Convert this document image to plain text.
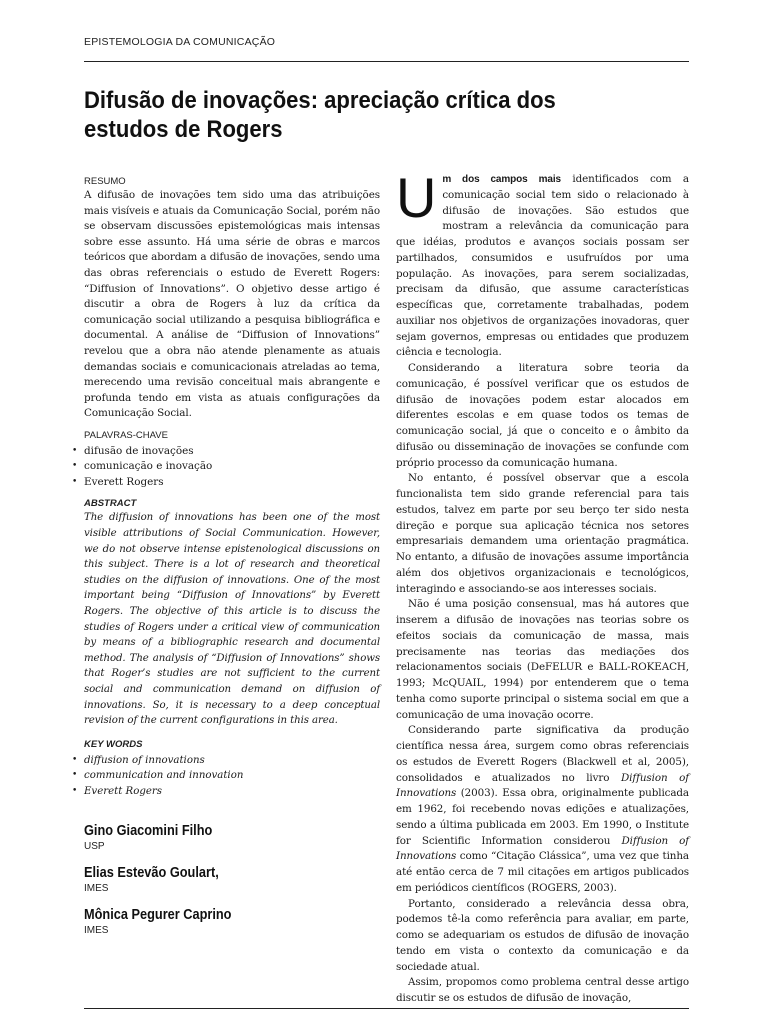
EPISTEMOLOGIA DA COMUNICAÇÃO
Difusão de inovações: apreciação crítica dos estudos de Rogers
RESUMO

A difusão de inovações tem sido uma das atribuições mais visíveis e atuais da Comunicação Social, porém não se observam discussões epistemológicas mais intensas sobre esse assunto. Há uma série de obras e marcos teóricos que abordam a difusão de inovações, sendo uma das obras referenciais o estudo de Everett Rogers: “Diffusion of Innovations”. O objetivo desse artigo é discutir a obra de Rogers à luz da crítica da comunicação social utilizando a pesquisa bibliográfica e documental. A análise de “Diffusion of Innovations” revelou que a obra não atende plenamente as atuais demandas sociais e comunicacionais atreladas ao tema, merecendo uma revisão conceitual mais abrangente e profunda tendo em vista as atuais configurações da Comunicação Social.

PALAVRAS-CHAVE
• difusão de inovações
• comunicação e inovação
• Everett Rogers
ABSTRACT

The diffusion of innovations has been one of the most visible attributions of Social Communication. However, we do not observe intense epistenological discussions on this subject. There is a lot of research and theoretical studies on the diffusion of innovations. One of the most important being “Diffusion of Innovations” by Everett Rogers. The objective of this article is to discuss the studies of Rogers under a critical view of communication by means of a bibliographic research and documental method. The analysis of “Diffusion of Innovations” shows that Roger’s studies are not sufficient to the current social and communication demand on diffusion of innovations. So, it is necessary to a deep conceptual revision of the current configurations in this area.

KEY WORDS
• diffusion of innovations
• communication and innovation
• Everett Rogers
Gino Giacomini Filho
USP
Elias Estevão Goulart,
IMES
Mônica Pegurer Caprino
IMES

Um dos campos mais identificados com a comunicação social tem sido o relacionado à difusão de inovações. São estudos que mostram a relevância da comunicação para que idéias, produtos e avanços sociais possam ser partilhados, consumidos e usufruídos por uma população. As inovações, para serem socializadas, precisam da difusão, que assume características específicas que, corretamente trabalhadas, podem auxiliar nos objetivos de organizações inovadoras, quer sejam governos, empresas ou entidades que produzem ciência e tecnologia.

Considerando a literatura sobre teoria da comunicação, é possível verificar que os estudos de difusão de inovações podem estar alocados em diferentes escolas e em quase todos os temas de comunicação social, já que o conceito e o âmbito da difusão ou disseminação de inovações se confunde com próprio processo da comunicação humana.

No entanto, é possível observar que a escola funcionalista tem sido grande referencial para tais estudos, talvez em parte por seu berço ter sido nesta direção e porque sua aplicação técnica nos setores empresariais demandem uma orientação pragmática. No entanto, a difusão de inovações assume importância além dos objetivos organizacionais e tecnológicos, interagindo e associando-se aos interesses sociais.

Não é uma posição consensual, mas há autores que inserem a difusão de inovações nas teorias sobre os efeitos sociais da comunicação de massa, mais precisamente nas teorias das mediações dos relacionamentos sociais (DeFELUR e BALL-ROKEACH, 1993; McQUAIL, 1994) por entenderem que o tema tenha como suporte principal o sistema social em que a comunicação de uma inovação ocorre.

Considerando parte significativa da produção científica nessa área, surgem como obras referenciais os estudos de Everett Rogers (Blackwell et al, 2005), consolidados e atualizados no livro Diffusion of Innovations (2003). Essa obra, originalmente publicada em 1962, foi recebendo novas edições e atualizações, sendo a última publicada em 2003. Em 1990, o Institute for Scientific Information considerou Diffusion of Innovations como “Citação Clássica”, uma vez que tinha até então cerca de 7 mil citações em artigos publicados em periódicos científicos (ROGERS, 2003).

Portanto, considerado a relevância dessa obra, podemos tê-la como referência para avaliar, em parte, como se adequariam os estudos de difusão de inovação tendo em vista o contexto da comunicação e da sociedade atual.

Assim, propomos como problema central desse artigo discutir se os estudos de difusão de inovação,
